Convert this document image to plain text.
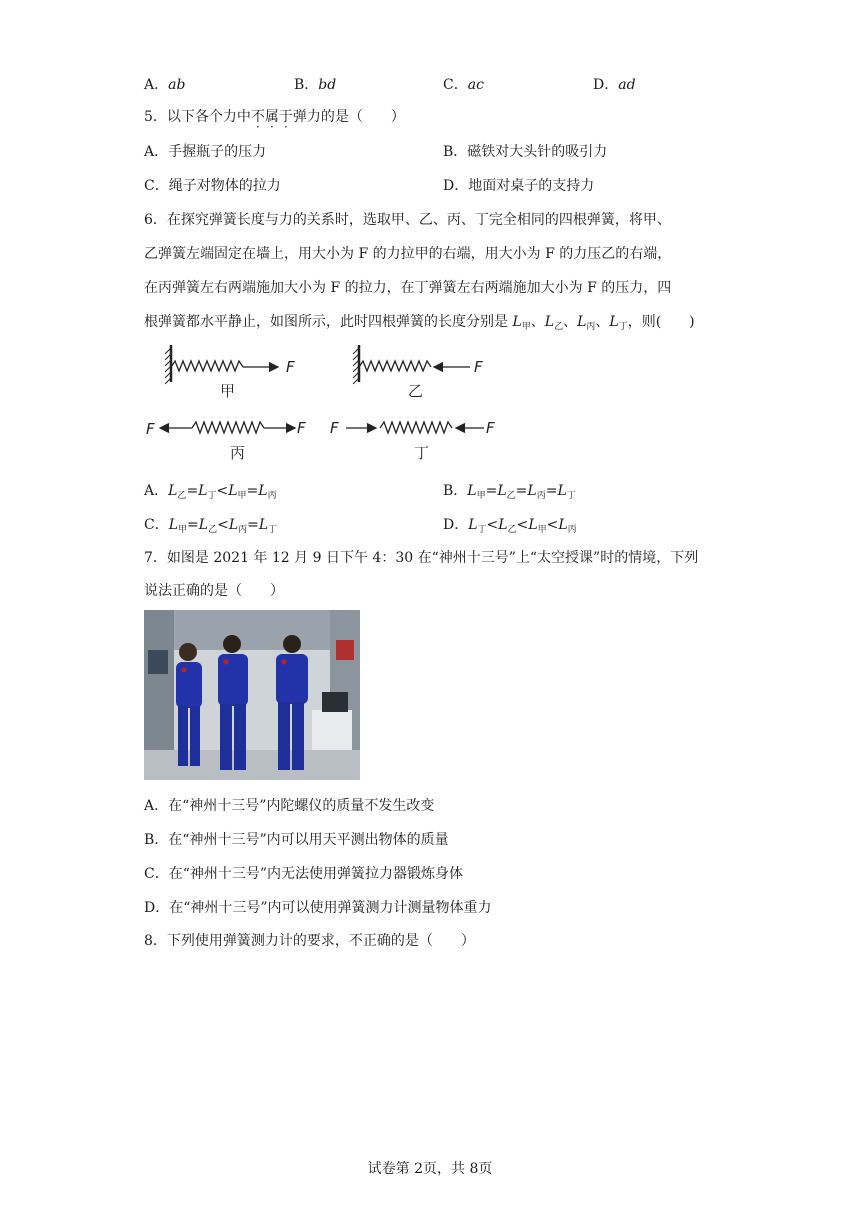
A．ab	B．bd	C．ac	D．ad
5．以下各个力中不属于弹力的是（　　）
A．手握瓶子的压力	B．磁铁对大头针的吸引力
C．绳子对物体的拉力	D．地面对桌子的支持力
6．在探究弹簧长度与力的关系时，选取甲、乙、丙、丁完全相同的四根弹簧，将甲、
乙弹簧左端固定在墙上，用大小为 F 的力拉甲的右端，用大小为 F 的力压乙的右端，
在丙弹簧左右两端施加大小为 F 的拉力，在丁弹簧左右两端施加大小为 F 的压力，四
根弹簧都水平静止，如图所示，此时四根弹簧的长度分别是 $L_甲$、$L_乙$、$L_丙$、$L_丁$，则(　　)
F
甲
F
乙
F	F
丙
F	F
丁
A．$L_乙=L_丁<L_甲=L_丙$	B．$L_甲=L_乙=L_丙=L_丁$
C．$L_甲=L_乙<L_丙=L_丁$	D．$L_丁<L_乙<L_甲<L_丙$
7．如图是 2021 年 12 月 9 日下午 4：30 在“神州十三号”上“太空授课”时的情境，下列
说法正确的是（　　）
A．在“神州十三号”内陀螺仪的质量不发生改变
B．在“神州十三号”内可以用天平测出物体的质量
C．在“神州十三号”内无法使用弹簧拉力器锻炼身体
D．在“神州十三号”内可以使用弹簧测力计测量物体重力
8．下列使用弹簧测力计的要求，不正确的是（　　）
试卷第 2页，共 8页
